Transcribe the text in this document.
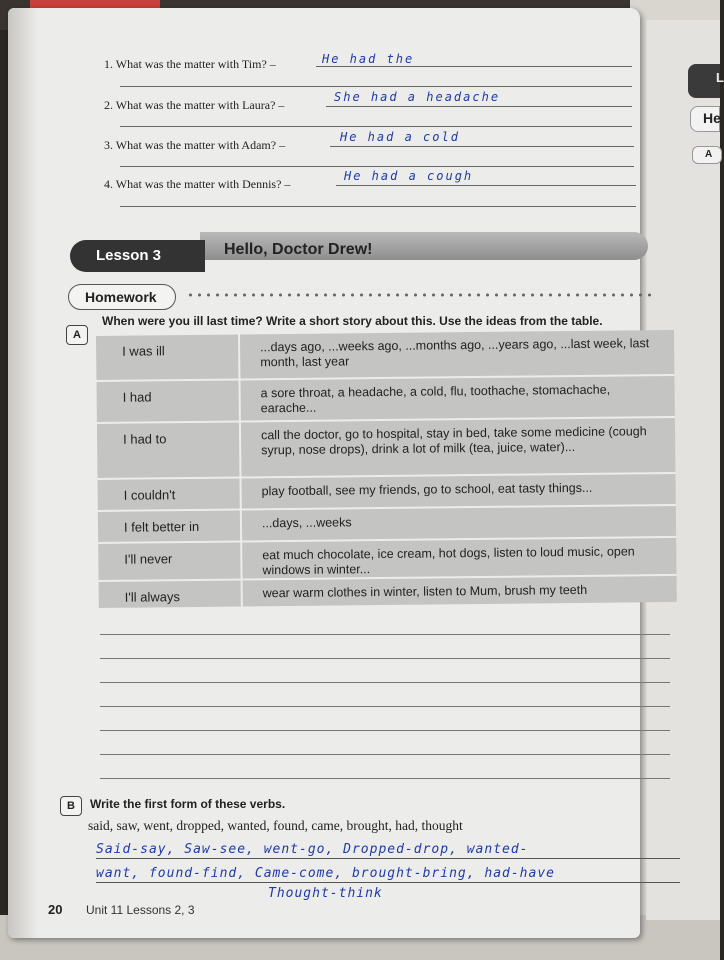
L
He
A
1. What was the matter with Tim? –	He had the
2. What was the matter with Laura? –
She had a headache
3. What was the matter with Adam? –
He had a cold
4. What was the matter with Dennis? –
He had a cough
Lesson 3	Hello, Doctor Drew!
Homework
A
When were you ill last time? Write a short story about this. Use the ideas from the table.
I was ill	...days ago, ...weeks ago, ...months ago, ...years ago, ...last week, last month, last year
I had	a sore throat, a headache, a cold, flu, toothache, stomachache, earache...
I had to	call the doctor, go to hospital, stay in bed, take some medicine (cough syrup, nose drops), drink a lot of milk (tea, juice, water)...
I couldn't	play football, see my friends, go to school, eat tasty things...
I felt better in	...days, ...weeks
I'll never	eat much chocolate, ice cream, hot dogs, listen to loud music, open windows in winter...
I'll always	wear warm clothes in winter, listen to Mum, brush my teeth
B	Write the first form of these verbs.
said, saw, went, dropped, wanted, found, came, brought, had, thought
Said-say, Saw-see, went-go, Dropped-drop, wanted-
want, found-find, Came-come, brought-bring, had-have
Thought-think
20 Unit 11 Lessons 2, 3
